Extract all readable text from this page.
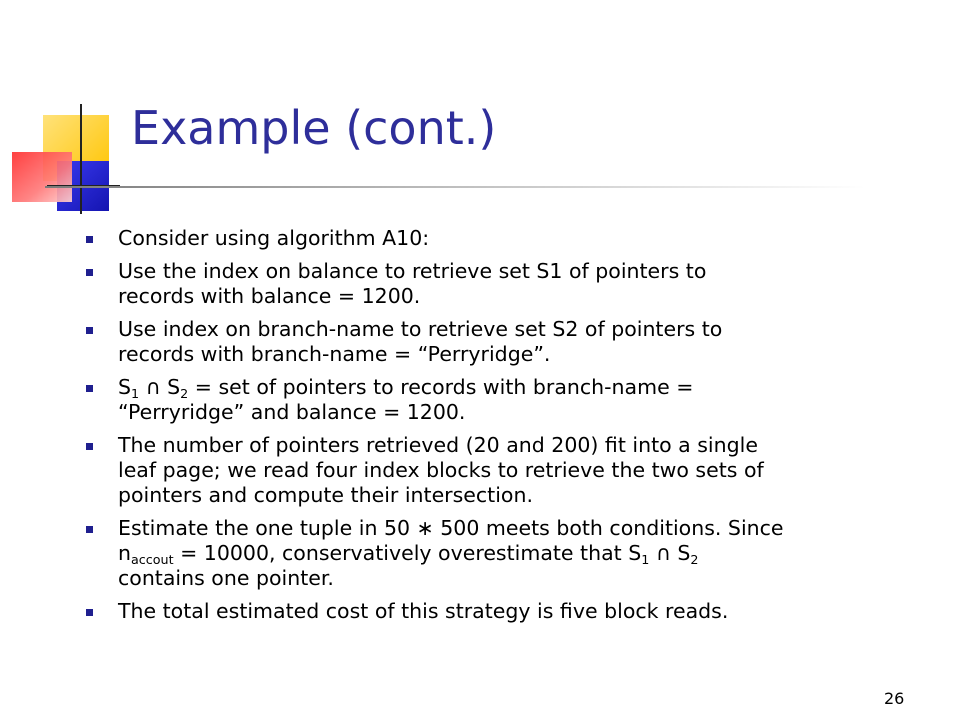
Example (cont.)
Consider using algorithm A10:
Use the index on balance to retrieve set S1 of pointers to
records with balance = 1200.
Use index on branch-name to retrieve set S2 of pointers to
records with branch-name = “Perryridge”.
$S_1$ ∩ $S_2$ = set of pointers to records with branch-name =
“Perryridge” and balance = 1200.
The number of pointers retrieved (20 and 200) fit into a single
leaf page; we read four index blocks to retrieve the two sets of
pointers and compute their intersection.
Estimate the one tuple in 50 ∗ 500 meets both conditions. Since
$n_{accout} = 10000$, conservatively overestimate that $S_1$ ∩ $S_2$
contains one pointer.
The total estimated cost of this strategy is five block reads.
26
